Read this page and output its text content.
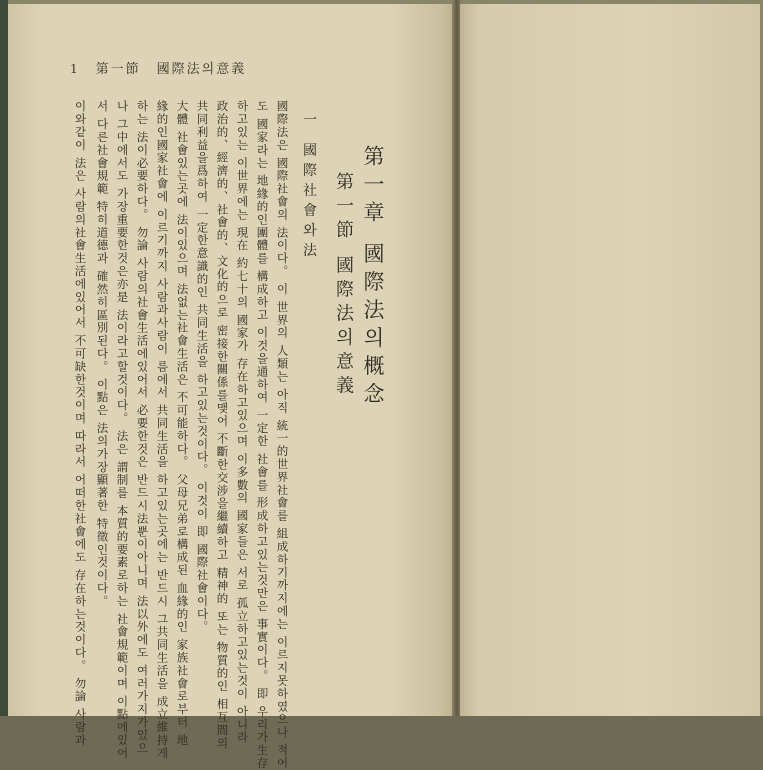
1 第一節 國際法의意義
第一章 國際法의概念
第一節 國際法의意義
一 國際社會와法
國際法은 國際社會의 法이다。 이 世界의 人類는 아직 統一的世界社會를 組成하기까지에는 이르지못하였으나 적어
도 國家라는 地緣的인團體를 構成하고 이것을通하여 一定한 社會를 形成하고있는것만은 事實이다。 即 우리가生存
하고있는 이世界에는 現在 約七十의 國家가 存在하고있으며 이多數의 國家들은 서로 孤立하고있는것이 아니라
政治的、經濟的、社會的、文化的으로 密接한關係를맺어 不斷한交涉을繼續하고 精神的 또는 物質的인 相互間의
共同利益을爲하여 一定한意識的인 共同生活을 하고있는것이다。 이것이 即 國際社會이다。
大體 社會있는곳에 法이있으며 法없는社會生活은 不可能하다。 父母兄弟로構成된 血緣的인 家族社會로부터 地
緣的인國家社會에 이르기까지 사람과사람이 름에서 共同生活을 하고있는곳에는 반드시 그共同生活을 成立維持게
하는 法이必要하다。 勿論 사람의社會生活에있어서 必要한것은 반드시法뿐이아니며 法以外에도 여러가지가있으
나 그中에서도 가장重要한것은亦是 法이라고할것이다。 法은 謂制를 本質的要素로하는 社會規範이며 이點에있어
서 다른社會規範 特히道德과 確然히區別된다。 이點은 法의가장顯著한 特徵인것이다。
이와같이 法은 사람의社會生活에있어서 不可缺한것이며 따라서 어떠한社會에도 存在하는것이다。 勿論 사람과
